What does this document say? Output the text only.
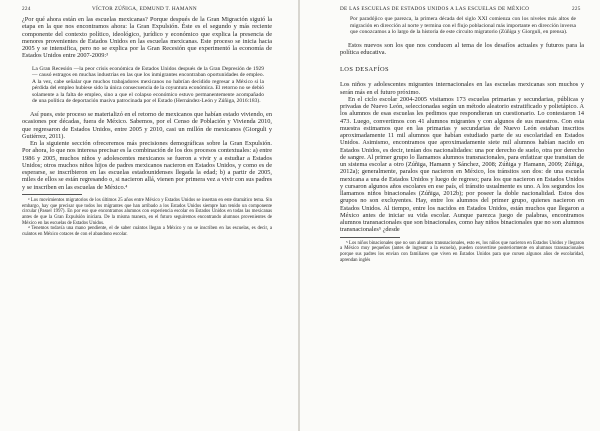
224	VÍCTOR ZÚÑIGA, EDMUND T. HAMANN

¿Por qué ahora están en las escuelas mexicanas? Porque después de la Gran Migración siguió la etapa en la que nos encontramos ahora: la Gran Expulsión. Éste es el segundo y más reciente componente del contexto político, ideológico, jurídico y económico que explica la presencia de menores provenientes de Estados Unidos en las escuelas mexicanas. Este proceso se inicia hacia 2005 y se intensifica, pero no se explica por la Gran Recesión que experimentó la economía de Estados Unidos entre 2007-2009:³

La Gran Recesión —la peor crisis económica de Estados Unidos después de la Gran Depresión de 1929— causó estragos en muchas industrias en las que los inmigrantes encontraban oportunidades de empleo. A la vez, cabe señalar que muchos trabajadores mexicanos no habrían decidido regresar a México si la pérdida del empleo hubiese sido la única consecuencia de la coyuntura económica. El retorno no se debió solamente a la falta de empleo, sino a que el colapso económico estuvo permanentemente acompañado de una política de deportación masiva patrocinada por el Estado (Hernández-León y Zúñiga, 2016:183).

Así pues, este proceso se materializó en el retorno de mexicanos que habían estado viviendo, en ocasiones por décadas, fuera de México. Sabemos, por el Censo de Población y Vivienda 2010, que regresaron de Estados Unidos, entre 2005 y 2010, casi un millón de mexicanos (Giorguli y Gutiérrez, 2011).

En la siguiente sección ofreceremos más precisiones demográficas sobre la Gran Expulsión. Por ahora, lo que nos interesa precisar es la combinación de los dos procesos contextuales: a) entre 1986 y 2005, muchos niños y adolescentes mexicanos se fueron a vivir y a estudiar a Estados Unidos; otros muchos niños hijos de padres mexicanos nacieron en Estados Unidos, y como es de esperarse, se inscribieron en las escuelas estadounidenses llegada la edad; b) a partir de 2005, miles de ellos se están regresando o, si nacieron allá, vienen por primera vez a vivir con sus padres y se inscriben en las escuelas de México.⁴

³ Los movimientos migratorios de los últimos 25 años entre México y Estados Unidos se insertan en este dramático tema. Sin embargo, hay que precisar que todos los migrantes que han arribado a los Estados Unidos siempre han tenido un componente circular (Passel 1997). En por eso que encontramos alumnos con experiencia escolar en Estados Unidos en todas las mexicanas antes de que la Gran Expulsión iniciara. De la misma manera, en el futuro seguiremos encontrando alumnos provenientes de México en las escuelas de Estados Unidos.

⁴ Tenemos todavía una mano pendiente, el de saber cuántos llegan a México y no se inscriben en las escuelas, es decir, a cuántos en México cotaces de con el abandono escolar.

DE LAS ESCUELAS DE ESTADOS UNIDOS A LAS ESCUELAS DE MÉXICO	225
Por paradójico que parezca, la primera década del siglo XXI comienza con los niveles más altos de migración en dirección al norte y termina con el flujo poblacional más importante en dirección inversa que conozcamos a lo largo de la historia de este circuito migratorio (Zúñiga y Giorguli, en prensa).

Estos nuevos son los que nos conducen al tema de los desafíos actuales y futuros para la política educativa.

LOS DESAFÍOS

Los niños y adolescentes migrantes internacionales en las escuelas mexicanas son muchos y serán más en el futuro próximo.

En el ciclo escolar 2004-2005 visitamos 173 escuelas primarias y secundarias, públicas y privadas de Nuevo León, seleccionadas según un método aleatorio estratificado y polietápico. A los alumnos de esas escuelas les pedimos que respondieran un cuestionario. Lo contestaron 14 473. Luego, convertimos con 41 alumnos migrantes y con algunos de sus maestros. Con esta muestra estimamos que en las primarias y secundarias de Nuevo León estaban inscritos aproximadamente 11 mil alumnos que habían estudiado parte de su escolaridad en Estados Unidos. Asimismo, encontramos que aproximadamente siete mil alumnos habían nacido en Estados Unidos, es decir, tenían dos nacionalidades: una por derecho de suelo, otra por derecho de sangre. Al primer grupo lo llamamos alumnos transnacionales, para enfatizar que transitan de un sistema escolar a otro (Zúñiga, Hamann y Sánchez, 2008; Zúñiga y Hamann, 2009; Zúñiga, 2012a); generalmente, paralos que nacieron en México, los tránsitos son dos: de una escuela mexicana a una de Estados Unidos y luego de regreso; para los que nacieron en Estados Unidos y cursaron algunos años escolares en ese país, el tránsito usualmente es uno. A los segundos los llamamos niños binacionales (Zúñiga, 2012b); por poseer la doble nacionalidad. Estos dos grupos no son excluyentes. Hay, entre los alumnos del primer grupo, quienes nacieron en Estados Unidos. Al tiempo, entre los nacidos en Estados Unidos, están muchos que llegaron a México antes de iniciar su vida escolar. Aunque parezca juego de palabras, encontramos alumnos transnacionales que son binacionales, como hay niños binacionales que no son alumnos transnacionales⁵ ¿desde

⁵ Los niños binacionales que no son alumnos transnacionales, esto es, los niños que nacieron en Estados Unidos y llegaron a México muy pequeños (antes de ingresar a la escuela), pueden convertirse posteriormente en alumnos transnacionales porque sus padres los envían con familiares que viven en Estados Unidos para que cursen algunos años de escolaridad, aprendan inglés
